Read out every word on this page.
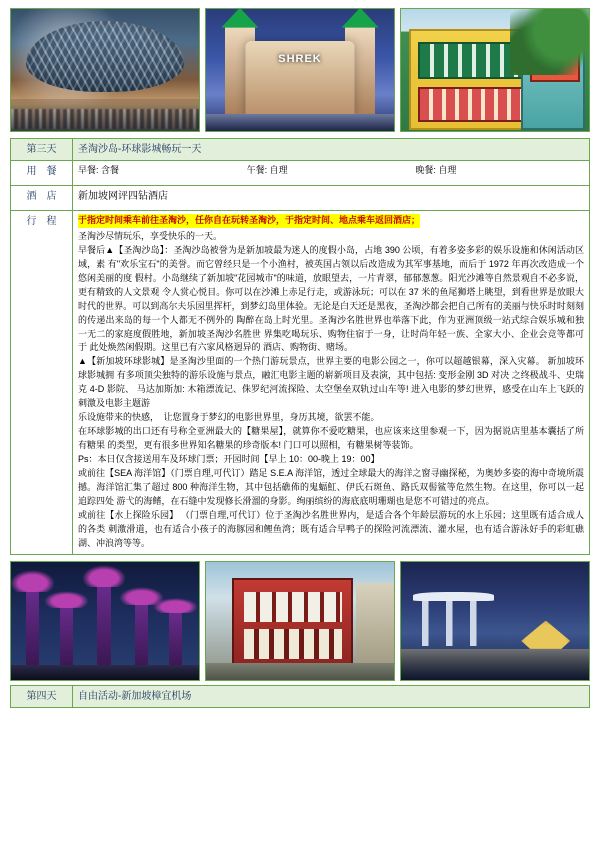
SHREK
第三天	圣淘沙岛-环球影城畅玩一天
用　餐	早餐: 含餐 午餐: 自理 晚餐: 自理

酒　店	新加坡网评四钻酒店
行　程	于指定时间乘车前往圣淘沙，任你自在玩转圣淘沙，于指定时间、地点乘车返回酒店；

圣淘沙尽情玩乐，享受快乐的一天。

早餐后▲【圣淘沙岛】：圣淘沙岛被誉为是新加坡最为迷人的度假小岛，占地 390 公顷，有着多姿多彩的娱乐设施和休闲活动区域，素 有"欢乐宝石"的美誉。而它曾经只是一个小渔村，被英国占领以后改造成为其军事基地，而后于 1972 年再次改造成一个悠闲美丽的度 假村。小岛继续了新加坡"花园城市"的味道，放眼望去，一片青翠，郁郁葱葱。阳光沙滩等自然景观自不必多说，更有精致的人文景观 令人赏心悦目。你可以在沙滩上赤足行走，或游泳玩；可以在 37 米的鱼尾狮塔上眺望，到看世界是放眼大时代的世界。可以到高尔夫乐园里挥杆，到梦幻岛里体验。无论是白天还是黑夜，圣淘沙都会把自己所有的美丽与快乐时时刻刻的传递出来岛的每一个人都无不例外的 陶醉在岛上时光里。圣淘沙名胜世界也举落下此，作为亚洲顶级一站式综合娱乐城和独一无二的家庭度假胜地，新加坡圣淘沙名胜世 界集吃喝玩乐、购物住宿于一身，让时尚年轻一族、全家大小、企业会竞等都可于 此处焕然闲假期。这里已有六家风格迥异的 酒店、购物街、赌场。

▲【新加坡环球影城】是圣淘沙里面的一个热门游玩景点，世界主要的电影公园之一，你可以超越银幕，深入灾幕。 新加坡环球影城拥 有多项顶尖独特的游乐设施与景点，融汇电影主题的崭新项目及表演，其中包括: 变形金刚 3D 对决 之终极战斗、史瑞克 4-D 影院、 马达加斯加: 木箱漂流记、侏罗纪河流探险、太空堡垒双轨过山车等! 进入电影的梦幻世界，感受在山车上飞跃的刺激及电影主题游

乐设施带来的快感，　让您置身于梦幻的电影世界里，身历其境，欲罢不能。

在环球影城的出口还有号称全亚洲最大的【糖果屋】，就算你不爱吃糖果，也应该来这里参观一下，因为据说店里基本囊括了所有糖果 的类型，更有很多世界知名糖果的珍奇版本! 门口可以照相，有糖果树等装饰。

Ps：本日仅含接送用车及环球门票；开园时间【早上 10：00-晚上 19：00】

或前往【SEA 海洋馆】（门票自理,可代订）踏足 S.E.A 海洋馆，透过全球最大的海洋之窗寻幽探秘，为奥妙多姿的海中奇境所震 撼。海洋馆汇集了超过 800 种海洋生物，其中包括礁佈的鬼蝠魟、伊氏石斑鱼、路氏双髻鲨等危然生物。在这里，你可以一起追踪四处 游弋的海鳍，在石缝中发现修长滑溜的身影。绚丽缤纷的海底底明珊瑚也是您不可错过的亮点。

或前往【水上探险乐园】 （门票自理,可代订）位于圣淘沙名胜世界内，是适合各个年龄层游玩的水上乐园；这里既有适合成人的各类 刺激滑道，也有适合小孩子的海豚园和鲤鱼湾；既有适合早鸭子的探险河流漂流、灌水屋，也有适合游泳好手的彩虹礁湖、冲浪湾等等。

第四天	自由活动-新加坡樟宜机场
